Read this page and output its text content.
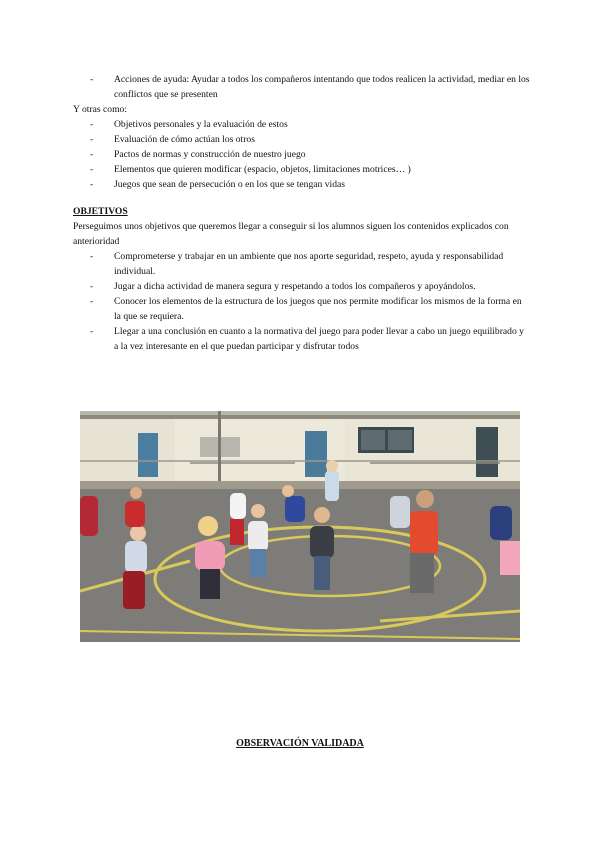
- Acciones de ayuda: Ayudar a todos los compañeros intentando que todos realicen la actividad, mediar en los conflictos que se presenten

Y otras como:

- Objetivos personales y la evaluación de estos
- Evaluación de cómo actúan los otros
- Pactos de normas y construcción de nuestro juego
- Elementos que quieren modificar (espacio, objetos, limitaciones motrices… )
- Juegos que sean de persecución o en los que se tengan vidas

OBJETIVOS

Perseguimos unos objetivos que queremos llegar a conseguir si los alumnos siguen los contenidos explicados con anterioridad

- Comprometerse y trabajar en un ambiente que nos aporte seguridad, respeto, ayuda y responsabilidad individual.
- Jugar a dicha actividad de manera segura y respetando a todos los compañeros y apoyándolos.
- Conocer los elementos de la estructura de los juegos que nos permite modificar los mismos de la forma en la que se requiera.
- Llegar a una conclusión en cuanto a la normativa del juego para poder llevar a cabo un juego equilibrado y a la vez interesante en el que puedan participar y disfrutar todos

OBSERVACIÓN VALIDADA
